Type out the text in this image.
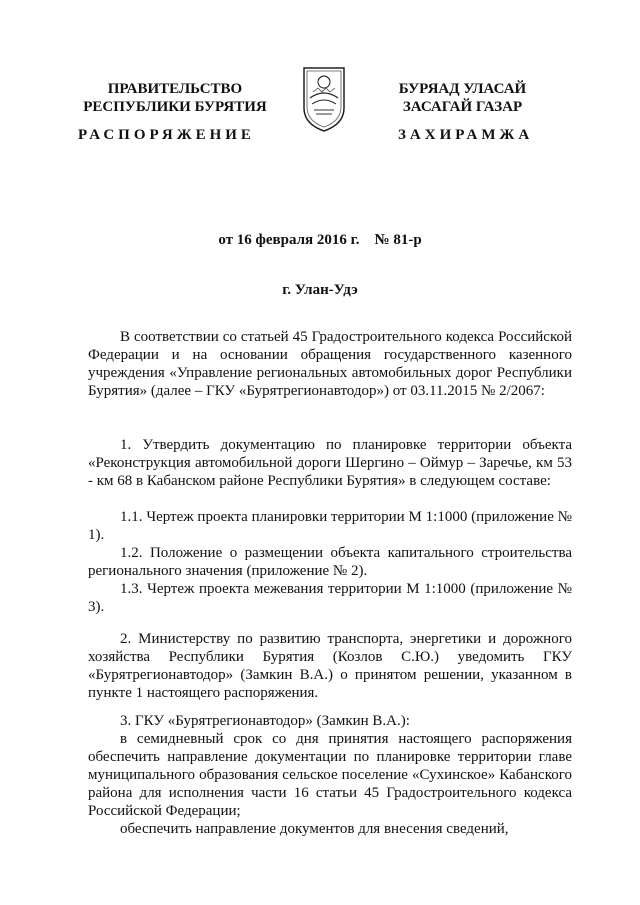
ПРАВИТЕЛЬСТВО
РЕСПУБЛИКИ БУРЯТИЯ
БУРЯАД УЛАСАЙ
ЗАСАГАЙ ГАЗАР
РАСПОРЯЖЕНИЕ	ЗАХИРАМЖА
от 16 февраля 2016 г.    № 81-р
г. Улан-Удэ
В соответствии со статьей 45 Градостроительного кодекса Российской Федерации и на основании обращения государственного казенного учреждения «Управление региональных автомобильных дорог Республики Бурятия» (далее – ГКУ «Бурятрегионавтодор») от 03.11.2015 № 2/2067:
1. Утвердить документацию по планировке территории объекта «Реконструкция автомобильной дороги Шергино – Оймур – Заречье, км 53 - км 68 в Кабанском районе Республики Бурятия» в следующем составе:
1.1. Чертеж проекта планировки территории М 1:1000 (приложение № 1).
1.2. Положение о размещении объекта капитального строительства регионального значения (приложение № 2).
1.3. Чертеж проекта межевания территории М 1:1000 (приложение № 3).
2. Министерству по развитию транспорта, энергетики и дорожного хозяйства Республики Бурятия (Козлов С.Ю.) уведомить ГКУ «Бурятрегионавтодор» (Замкин В.А.) о принятом решении, указанном в пункте 1 настоящего распоряжения.
3. ГКУ «Бурятрегионавтодор» (Замкин В.А.):
в семидневный срок со дня принятия настоящего распоряжения обеспечить направление документации по планировке территории главе муниципального образования сельское поселение «Сухинское» Кабанского района для исполнения части 16 статьи 45 Градостроительного кодекса Российской Федерации;
обеспечить направление документов для внесения сведений,
